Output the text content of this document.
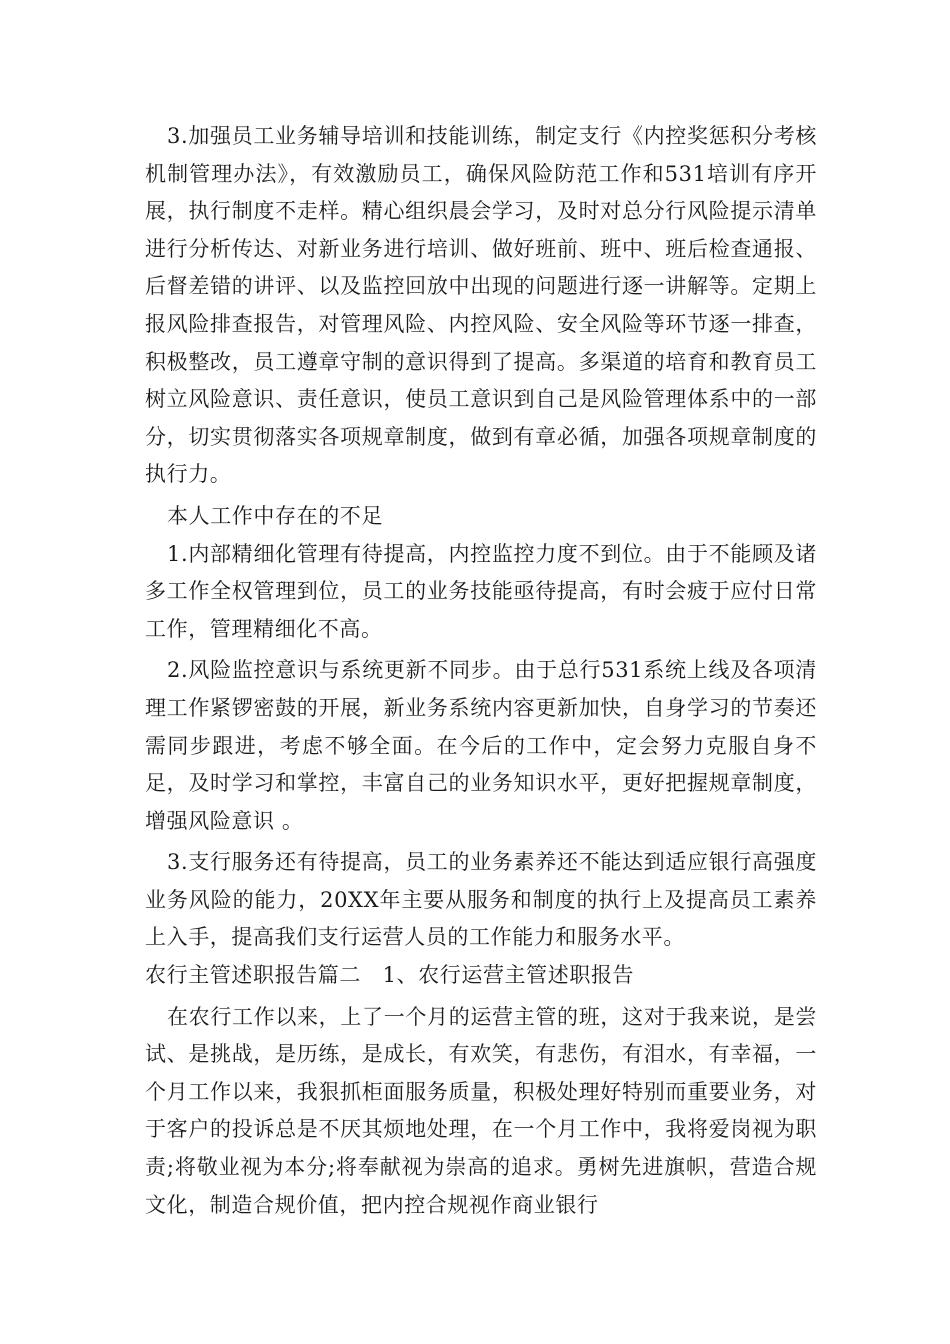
3.加强员工业务辅导培训和技能训练，制定支行《内控奖惩积分考核机制管理办法》，有效激励员工，确保风险防范工作和531培训有序开展，执行制度不走样。精心组织晨会学习，及时对总分行风险提示清单进行分析传达、对新业务进行培训、做好班前、班中、班后检查通报、后督差错的讲评、以及监控回放中出现的问题进行逐一讲解等。定期上报风险排查报告，对管理风险、内控风险、安全风险等环节逐一排查，积极整改，员工遵章守制的意识得到了提高。多渠道的培育和教育员工树立风险意识、责任意识，使员工意识到自己是风险管理体系中的一部分，切实贯彻落实各项规章制度，做到有章必循，加强各项规章制度的执行力。

本人工作中存在的不足

1.内部精细化管理有待提高，内控监控力度不到位。由于不能顾及诸多工作全权管理到位，员工的业务技能亟待提高，有时会疲于应付日常工作，管理精细化不高。

2.风险监控意识与系统更新不同步。由于总行531系统上线及各项清理工作紧锣密鼓的开展，新业务系统内容更新加快，自身学习的节奏还需同步跟进，考虑不够全面。在今后的工作中，定会努力克服自身不足，及时学习和掌控，丰富自己的业务知识水平，更好把握规章制度，增强风险意识 。

3.支行服务还有待提高，员工的业务素养还不能达到适应银行高强度业务风险的能力，20XX年主要从服务和制度的执行上及提高员工素养上入手，提高我们支行运营人员的工作能力和服务水平。

农行主管述职报告篇二　1、农行运营主管述职报告

在农行工作以来，上了一个月的运营主管的班，这对于我来说，是尝试、是挑战，是历练，是成长，有欢笑，有悲伤，有泪水，有幸福，一个月工作以来，我狠抓柜面服务质量，积极处理好特别而重要业务，对于客户的投诉总是不厌其烦地处理，在一个月工作中，我将爱岗视为职责;将敬业视为本分;将奉献视为崇高的追求。勇树先进旗帜，营造合规文化，制造合规价值，把内控合规视作商业银行
